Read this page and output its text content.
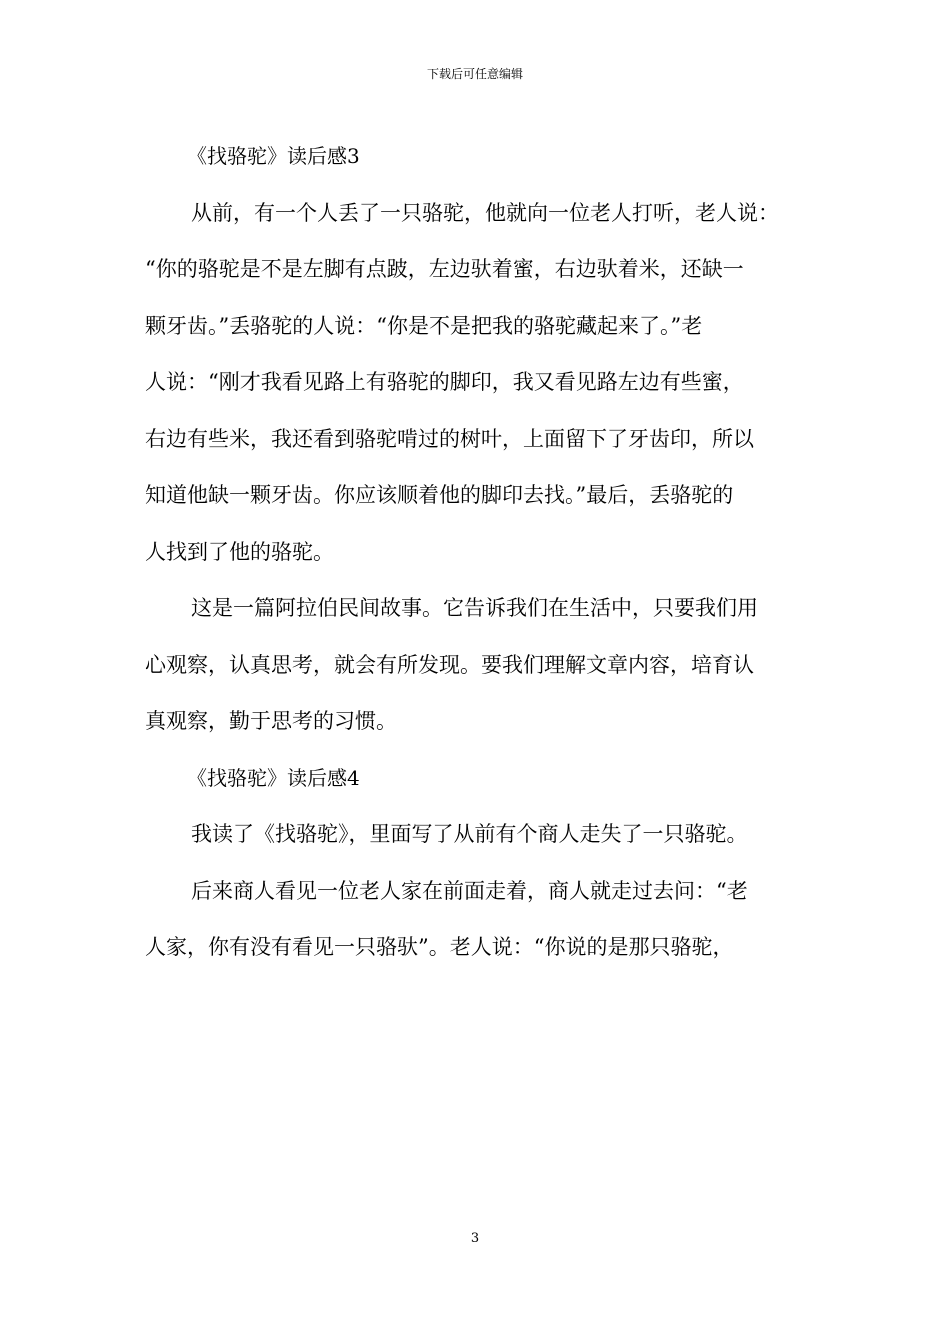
下载后可任意编辑
《找骆驼》读后感3
从前，有一个人丢了一只骆驼，他就向一位老人打听，老人说：
“你的骆驼是不是左脚有点跛，左边驮着蜜，右边驮着米，还缺一
颗牙齿。”丢骆驼的人说：“你是不是把我的骆驼藏起来了。”老
人说：“刚才我看见路上有骆驼的脚印，我又看见路左边有些蜜，
右边有些米，我还看到骆驼啃过的树叶，上面留下了牙齿印，所以
知道他缺一颗牙齿。你应该顺着他的脚印去找。”最后，丢骆驼的
人找到了他的骆驼。
这是一篇阿拉伯民间故事。它告诉我们在生活中，只要我们用
心观察，认真思考，就会有所发现。要我们理解文章内容，培育认
真观察，勤于思考的习惯。
《找骆驼》读后感4
我读了《找骆驼》，里面写了从前有个商人走失了一只骆驼。
后来商人看见一位老人家在前面走着，商人就走过去问：“老
人家，你有没有看见一只骆驮”。老人说：“你说的是那只骆驼，
3
